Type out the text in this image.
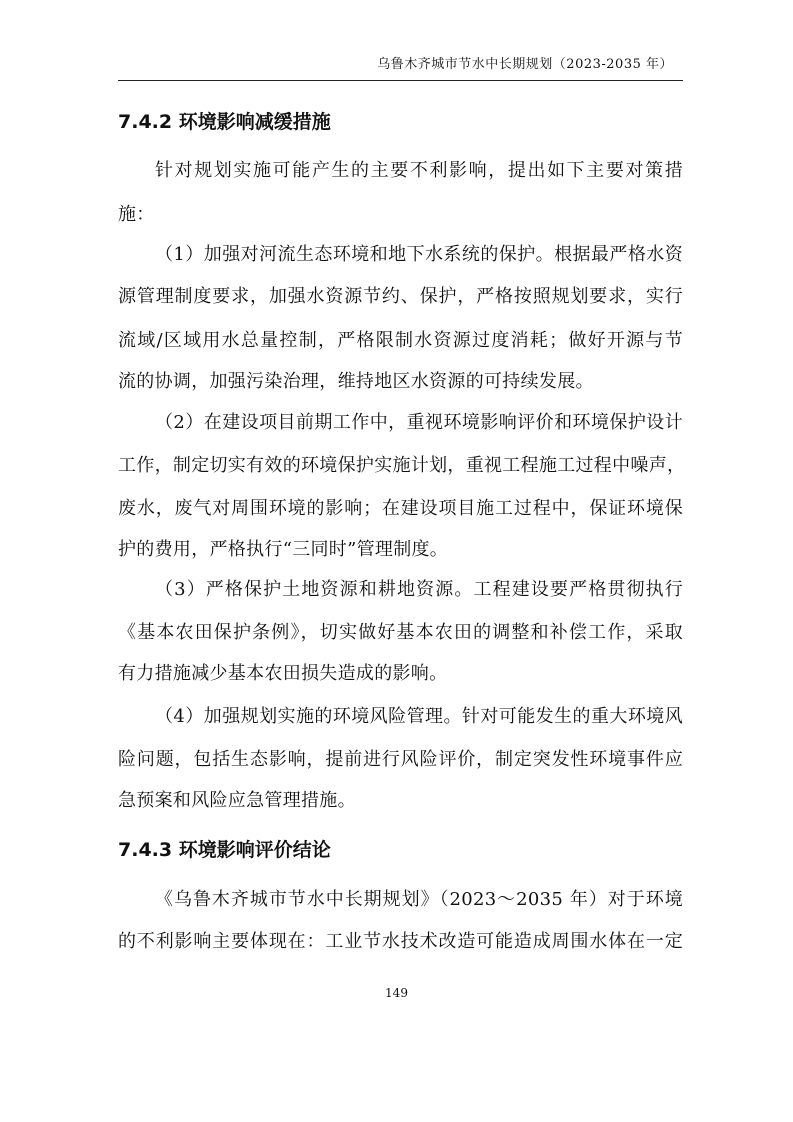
乌鲁木齐城市节水中长期规划（2023-2035 年）
7.4.2 环境影响减缓措施
针对规划实施可能产生的主要不利影响，提出如下主要对策措
施：
（1）加强对河流生态环境和地下水系统的保护。根据最严格水资
源管理制度要求，加强水资源节约、保护，严格按照规划要求，实行
流域/区域用水总量控制，严格限制水资源过度消耗；做好开源与节
流的协调，加强污染治理，维持地区水资源的可持续发展。
（2）在建设项目前期工作中，重视环境影响评价和环境保护设计
工作，制定切实有效的环境保护实施计划，重视工程施工过程中噪声，
废水，废气对周围环境的影响；在建设项目施工过程中，保证环境保
护的费用，严格执行“三同时”管理制度。
（3）严格保护土地资源和耕地资源。工程建设要严格贯彻执行
《基本农田保护条例》，切实做好基本农田的调整和补偿工作，采取
有力措施减少基本农田损失造成的影响。
（4）加强规划实施的环境风险管理。针对可能发生的重大环境风
险问题，包括生态影响，提前进行风险评价，制定突发性环境事件应
急预案和风险应急管理措施。
7.4.3 环境影响评价结论
《乌鲁木齐城市节水中长期规划》（2023～2035 年）对于环境
的不利影响主要体现在：工业节水技术改造可能造成周围水体在一定
149
